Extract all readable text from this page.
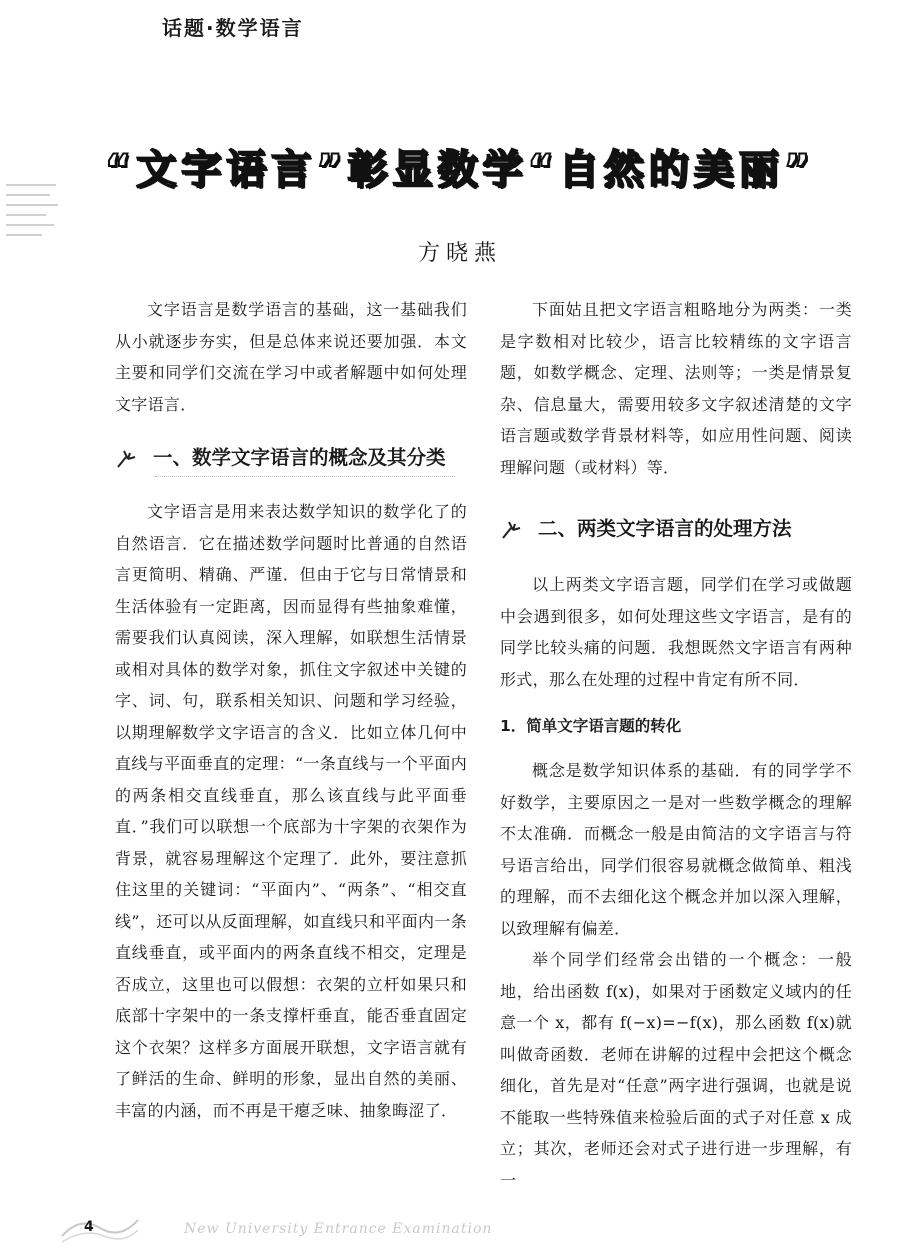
话题·数学语言
“文字语言”彰显数学“自然的美丽”
方晓燕

文字语言是数学语言的基础，这一基础我们从小就逐步夯实，但是总体来说还要加强．本文主要和同学们交流在学习中或者解题中如何处理文字语言．

一、数学文字语言的概念及其分类

文字语言是用来表达数学知识的数学化了的自然语言．它在描述数学问题时比普通的自然语言更简明、精确、严谨．但由于它与日常情景和生活体验有一定距离，因而显得有些抽象难懂，需要我们认真阅读，深入理解，如联想生活情景或相对具体的数学对象，抓住文字叙述中关键的字、词、句，联系相关知识、问题和学习经验，以期理解数学文字语言的含义．比如立体几何中直线与平面垂直的定理：“一条直线与一个平面内的两条相交直线垂直，那么该直线与此平面垂直．”我们可以联想一个底部为十字架的衣架作为背景，就容易理解这个定理了．此外，要注意抓住这里的关键词：“平面内”、“两条”、“相交直线”，还可以从反面理解，如直线只和平面内一条直线垂直，或平面内的两条直线不相交，定理是否成立，这里也可以假想：衣架的立杆如果只和底部十字架中的一条支撑杆垂直，能否垂直固定这个衣架？这样多方面展开联想，文字语言就有了鲜活的生命、鲜明的形象，显出自然的美丽、丰富的内涵，而不再是干瘪乏味、抽象晦涩了．

下面姑且把文字语言粗略地分为两类：一类是字数相对比较少，语言比较精练的文字语言题，如数学概念、定理、法则等；一类是情景复杂、信息量大，需要用较多文字叙述清楚的文字语言题或数学背景材料等，如应用性问题、阅读理解问题（或材料）等．

二、两类文字语言的处理方法

以上两类文字语言题，同学们在学习或做题中会遇到很多，如何处理这些文字语言，是有的同学比较头痛的问题．我想既然文字语言有两种形式，那么在处理的过程中肯定有所不同．

1．简单文字语言题的转化

概念是数学知识体系的基础．有的同学学不好数学，主要原因之一是对一些数学概念的理解不太准确．而概念一般是由简洁的文字语言与符号语言给出，同学们很容易就概念做简单、粗浅的理解，而不去细化这个概念并加以深入理解，以致理解有偏差．

举个同学们经常会出错的一个概念：一般地，给出函数 f(x)，如果对于函数定义域内的任意一个 x，都有 f(−x)=−f(x)，那么函数 f(x)就叫做奇函数．老师在讲解的过程中会把这个概念细化，首先是对“任意”两字进行强调，也就是说不能取一些特殊值来检验后面的式子对任意 x 成立；其次，老师还会对式子进行进一步理解，有一

4	New University Entrance Examination
